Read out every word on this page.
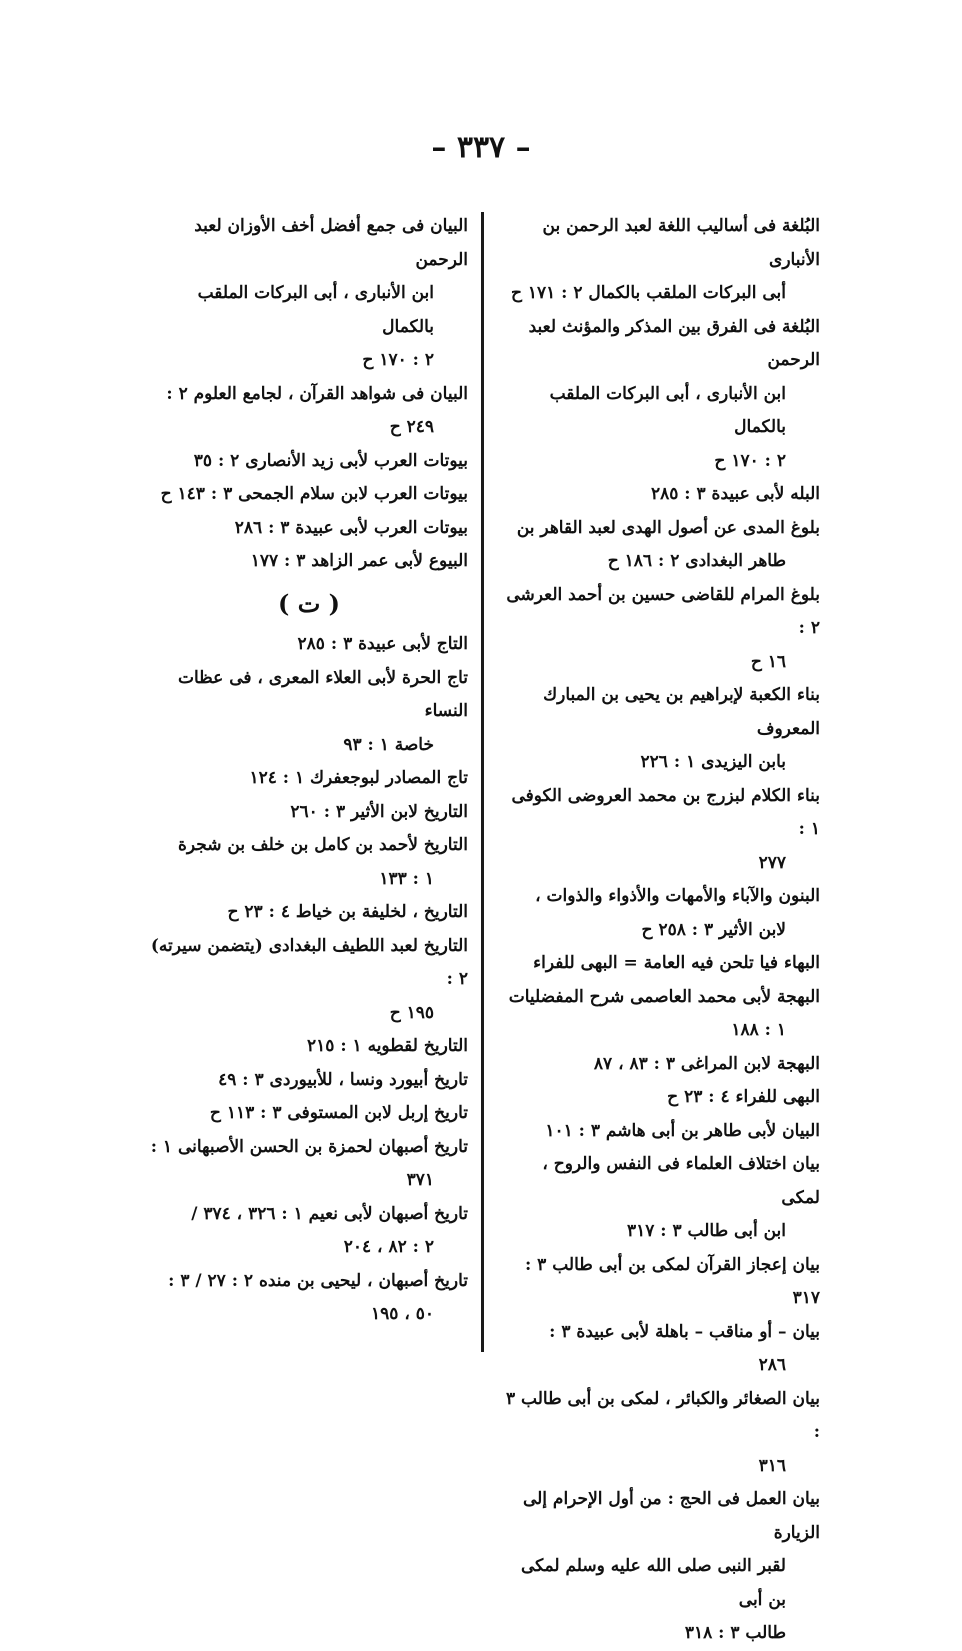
– ٣٣٧ –
البُلغة فى أساليب اللغة لعبد الرحمن بن الأنبارى
أبى البركات الملقب بالكمال ٢ : ١٧١ ح
البُلغة فى الفرق بين المذكر والمؤنث لعبد الرحمن
ابن الأنبارى ، أبى البركات الملقب بالكمال
٢ : ١٧٠ ح
البله لأبى عبيدة ٣ : ٢٨٥
بلوغ المدى عن أصول الهدى لعبد القاهر بن
طاهر البغدادى ٢ : ١٨٦ ح
بلوغ المرام للقاضى حسين بن أحمد العرشى ٢ :
١٦ ح
بناء الكعبة لإبراهيم بن يحيى بن المبارك المعروف
بابن اليزيدى ١ : ٢٢٦
بناء الكلام لبزرج بن محمد العروضى الكوفى ١ :
٢٧٧
البنون والآباء والأمهات والأذواء والذوات ،
لابن الأثير ٣ : ٢٥٨ ح
البهاء فيا تلحن فيه العامة = البهى للفراء
البهجة لأبى محمد العاصمى شرح المفضليات
١ : ١٨٨
البهجة لابن المراغى ٣ : ٨٣ ، ٨٧
البهى للفراء ٤ : ٢٣ ح
البيان لأبى طاهر بن أبى هاشم ٣ : ١٠١
بيان اختلاف العلماء فى النفس والروح ، لمكى
ابن أبى طالب ٣ : ٣١٧
بيان إعجاز القرآن لمكى بن أبى طالب ٣ : ٣١٧
بيان – أو مناقب – باهلة لأبى عبيدة ٣ :
٢٨٦
بيان الصغائر والكبائر ، لمكى بن أبى طالب ٣ :
٣١٦
بيان العمل فى الحج : من أول الإحرام إلى الزيارة
لقبر النبى صلى الله عليه وسلم لمكى بن أبى
طالب ٣ : ٣١٨
البيان فى جمع أفضل أخف الأوزان لعبد الرحمن
ابن الأنبارى ، أبى البركات الملقب بالكمال
٢ : ١٧٠ ح
البيان فى شواهد القرآن ، لجامع العلوم ٢ :
٢٤٩ ح
بيوتات العرب لأبى زيد الأنصارى ٢ : ٣٥
بيوتات العرب لابن سلام الجمحى ٣ : ١٤٣ ح
بيوتات العرب لأبى عبيدة ٣ : ٢٨٦
البيوع لأبى عمر الزاهد ٣ : ١٧٧
( ت )
التاج لأبى عبيدة ٣ : ٢٨٥
تاج الحرة لأبى العلاء المعرى ، فى عظات النساء
خاصة ١ : ٩٣
تاج المصادر لبوجعفرك ١ : ١٢٤
التاريخ لابن الأثير ٣ : ٢٦٠
التاريخ لأحمد بن كامل بن خلف بن شجرة
١ : ١٣٣
التاريخ ، لخليفة بن خياط ٤ : ٢٣ ح
التاريخ لعبد اللطيف البغدادى (يتضمن سيرته) ٢ :
١٩٥ ح
التاريخ لقطويه ١ : ٢١٥
تاريخ أبيورد ونسا ، للأبيوردى ٣ : ٤٩
تاريخ إربل لابن المستوفى ٣ : ١١٣ ح
تاريخ أصبهان لحمزة بن الحسن الأصبهانى ١ :
٣٧١
تاريخ أصبهان لأبى نعيم ١ : ٣٢٦ ، ٣٧٤ /
٢ : ٨٢ ، ٢٠٤
تاريخ أصبهان ، ليحيى بن منده ٢ : ٢٧ / ٣ :
٥٠ ، ١٩٥
